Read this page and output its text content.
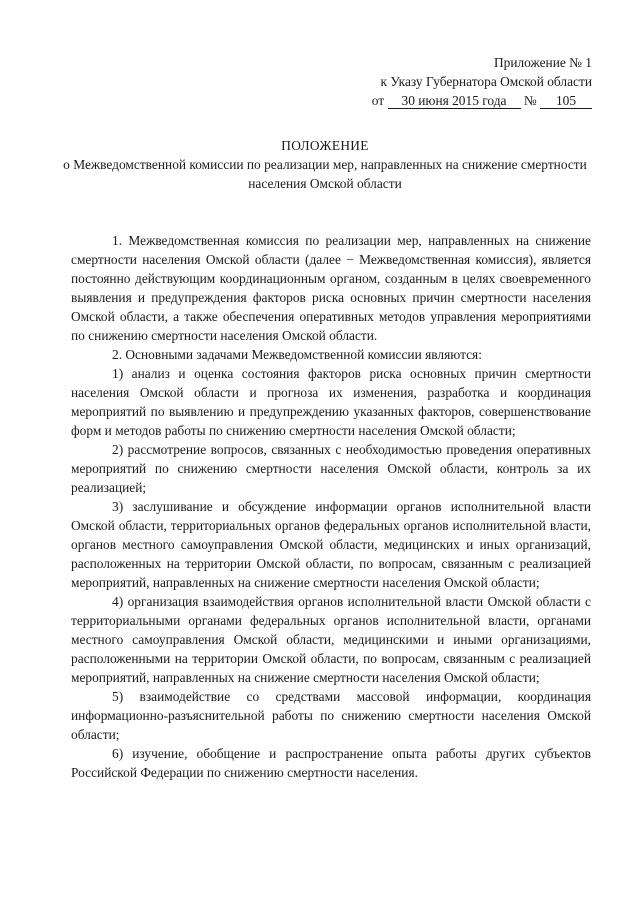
Приложение № 1
к Указу Губернатора Омской области
от 30 июня 2015 года № 105
ПОЛОЖЕНИЕ
о Межведомственной комиссии по реализации мер, направленных на снижение смертности населения Омской области

1. Межведомственная комиссия по реализации мер, направленных на снижение смертности населения Омской области (далее − Межведомственная комиссия), является постоянно действующим координационным органом, созданным в целях своевременного выявления и предупреждения факторов риска основных причин смертности населения Омской области, а также обеспечения оперативных методов управления мероприятиями по снижению смертности населения Омской области.

2. Основными задачами Межведомственной комиссии являются:

1) анализ и оценка состояния факторов риска основных причин смертности населения Омской области и прогноза их изменения, разработка и координация мероприятий по выявлению и предупреждению указанных факторов, совершенствование форм и методов работы по снижению смертности населения Омской области;

2) рассмотрение вопросов, связанных с необходимостью проведения оперативных мероприятий по снижению смертности населения Омской области, контроль за их реализацией;

3) заслушивание и обсуждение информации органов исполнительной власти Омской области, территориальных органов федеральных органов исполнительной власти, органов местного самоуправления Омской области, медицинских и иных организаций, расположенных на территории Омской области, по вопросам, связанным с реализацией мероприятий, направленных на снижение смертности населения Омской области;

4) организация взаимодействия органов исполнительной власти Омской области с территориальными органами федеральных органов исполнительной власти, органами местного самоуправления Омской области, медицинскими и иными организациями, расположенными на территории Омской области, по вопросам, связанным с реализацией мероприятий, направленных на снижение смертности населения Омской области;

5) взаимодействие со средствами массовой информации, координация информационно-разъяснительной работы по снижению смертности населения Омской области;

6) изучение, обобщение и распространение опыта работы других субъектов Российской Федерации по снижению смертности населения.
